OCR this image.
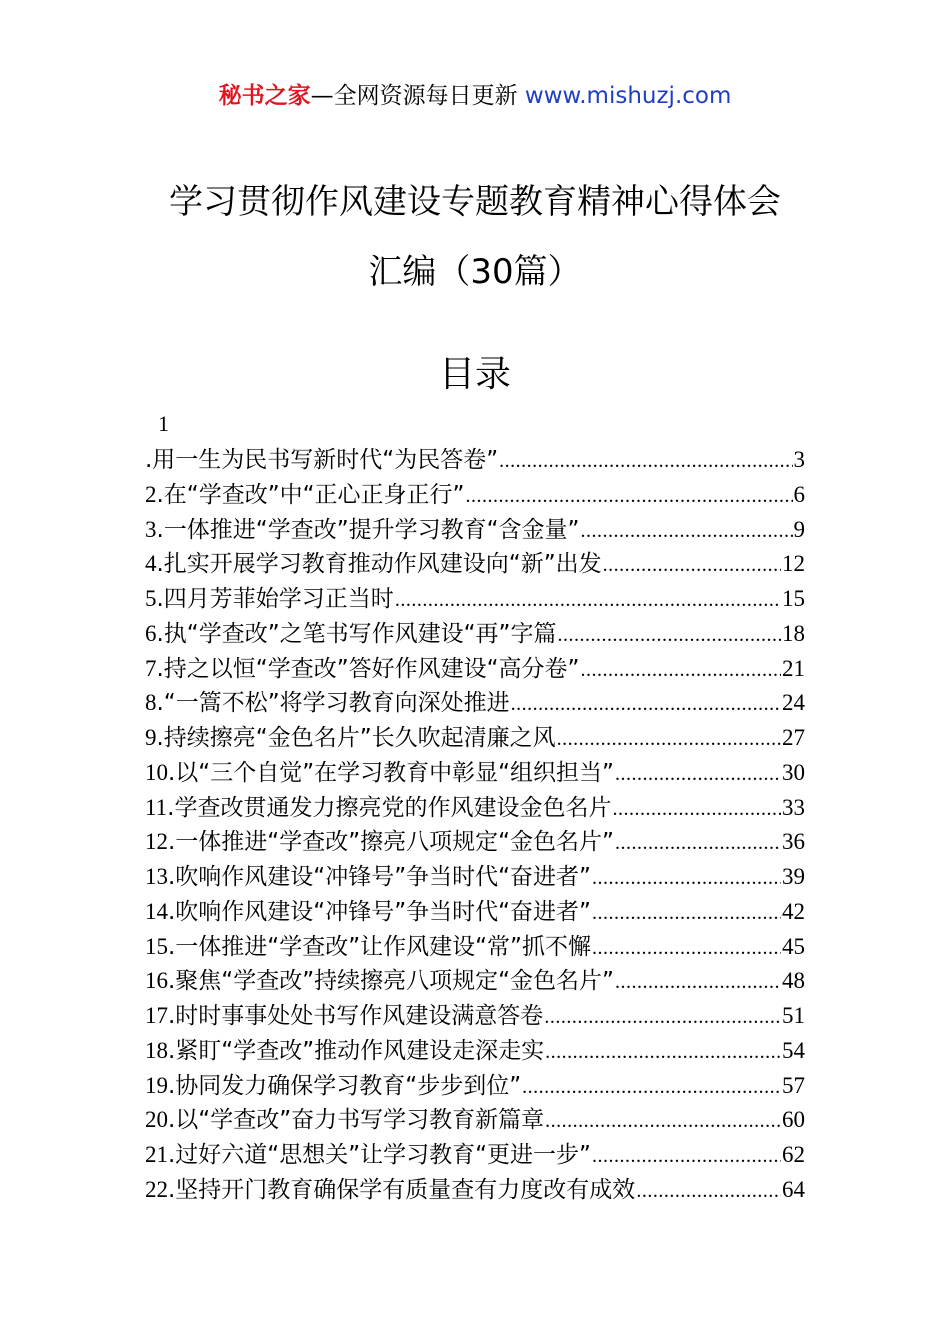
秘书之家—全网资源每日更新 www.mishuzj.com
学习贯彻作风建设专题教育精神心得体会
汇编（30篇）
目录
1
.用一生为民书写新时代“为民答卷” .....	3
2.在“学查改”中“正心正身正行” .....	6
3.一体推进“学查改”提升学习教育“含金量” .....	9
4.扎实开展学习教育推动作风建设向“新”出发 .....	12
5.四月芳菲始学习正当时 .....	15
6.执“学查改”之笔书写作风建设“再”字篇 .....	18
7.持之以恒“学查改”答好作风建设“高分卷” .....	21
8.“一篙不松”将学习教育向深处推进 .....	24
9.持续擦亮“金色名片”长久吹起清廉之风 .....	27
10.以“三个自觉”在学习教育中彰显“组织担当” .....	30
11.学查改贯通发力擦亮党的作风建设金色名片 .....	33
12.一体推进“学查改”擦亮八项规定“金色名片” .....	36
13.吹响作风建设“冲锋号”争当时代“奋进者” .....	39
14.吹响作风建设“冲锋号”争当时代“奋进者” .....	42
15.一体推进“学查改”让作风建设“常”抓不懈 .....	45
16.聚焦“学查改”持续擦亮八项规定“金色名片” .....	48
17.时时事事处处书写作风建设满意答卷 .....	51
18.紧盯“学查改”推动作风建设走深走实 .....	54
19.协同发力确保学习教育“步步到位” .....	57
20.以“学查改”奋力书写学习教育新篇章 .....	60
21.过好六道“思想关”让学习教育“更进一步” .....	62
22.坚持开门教育确保学有质量查有力度改有成效 .....	64
